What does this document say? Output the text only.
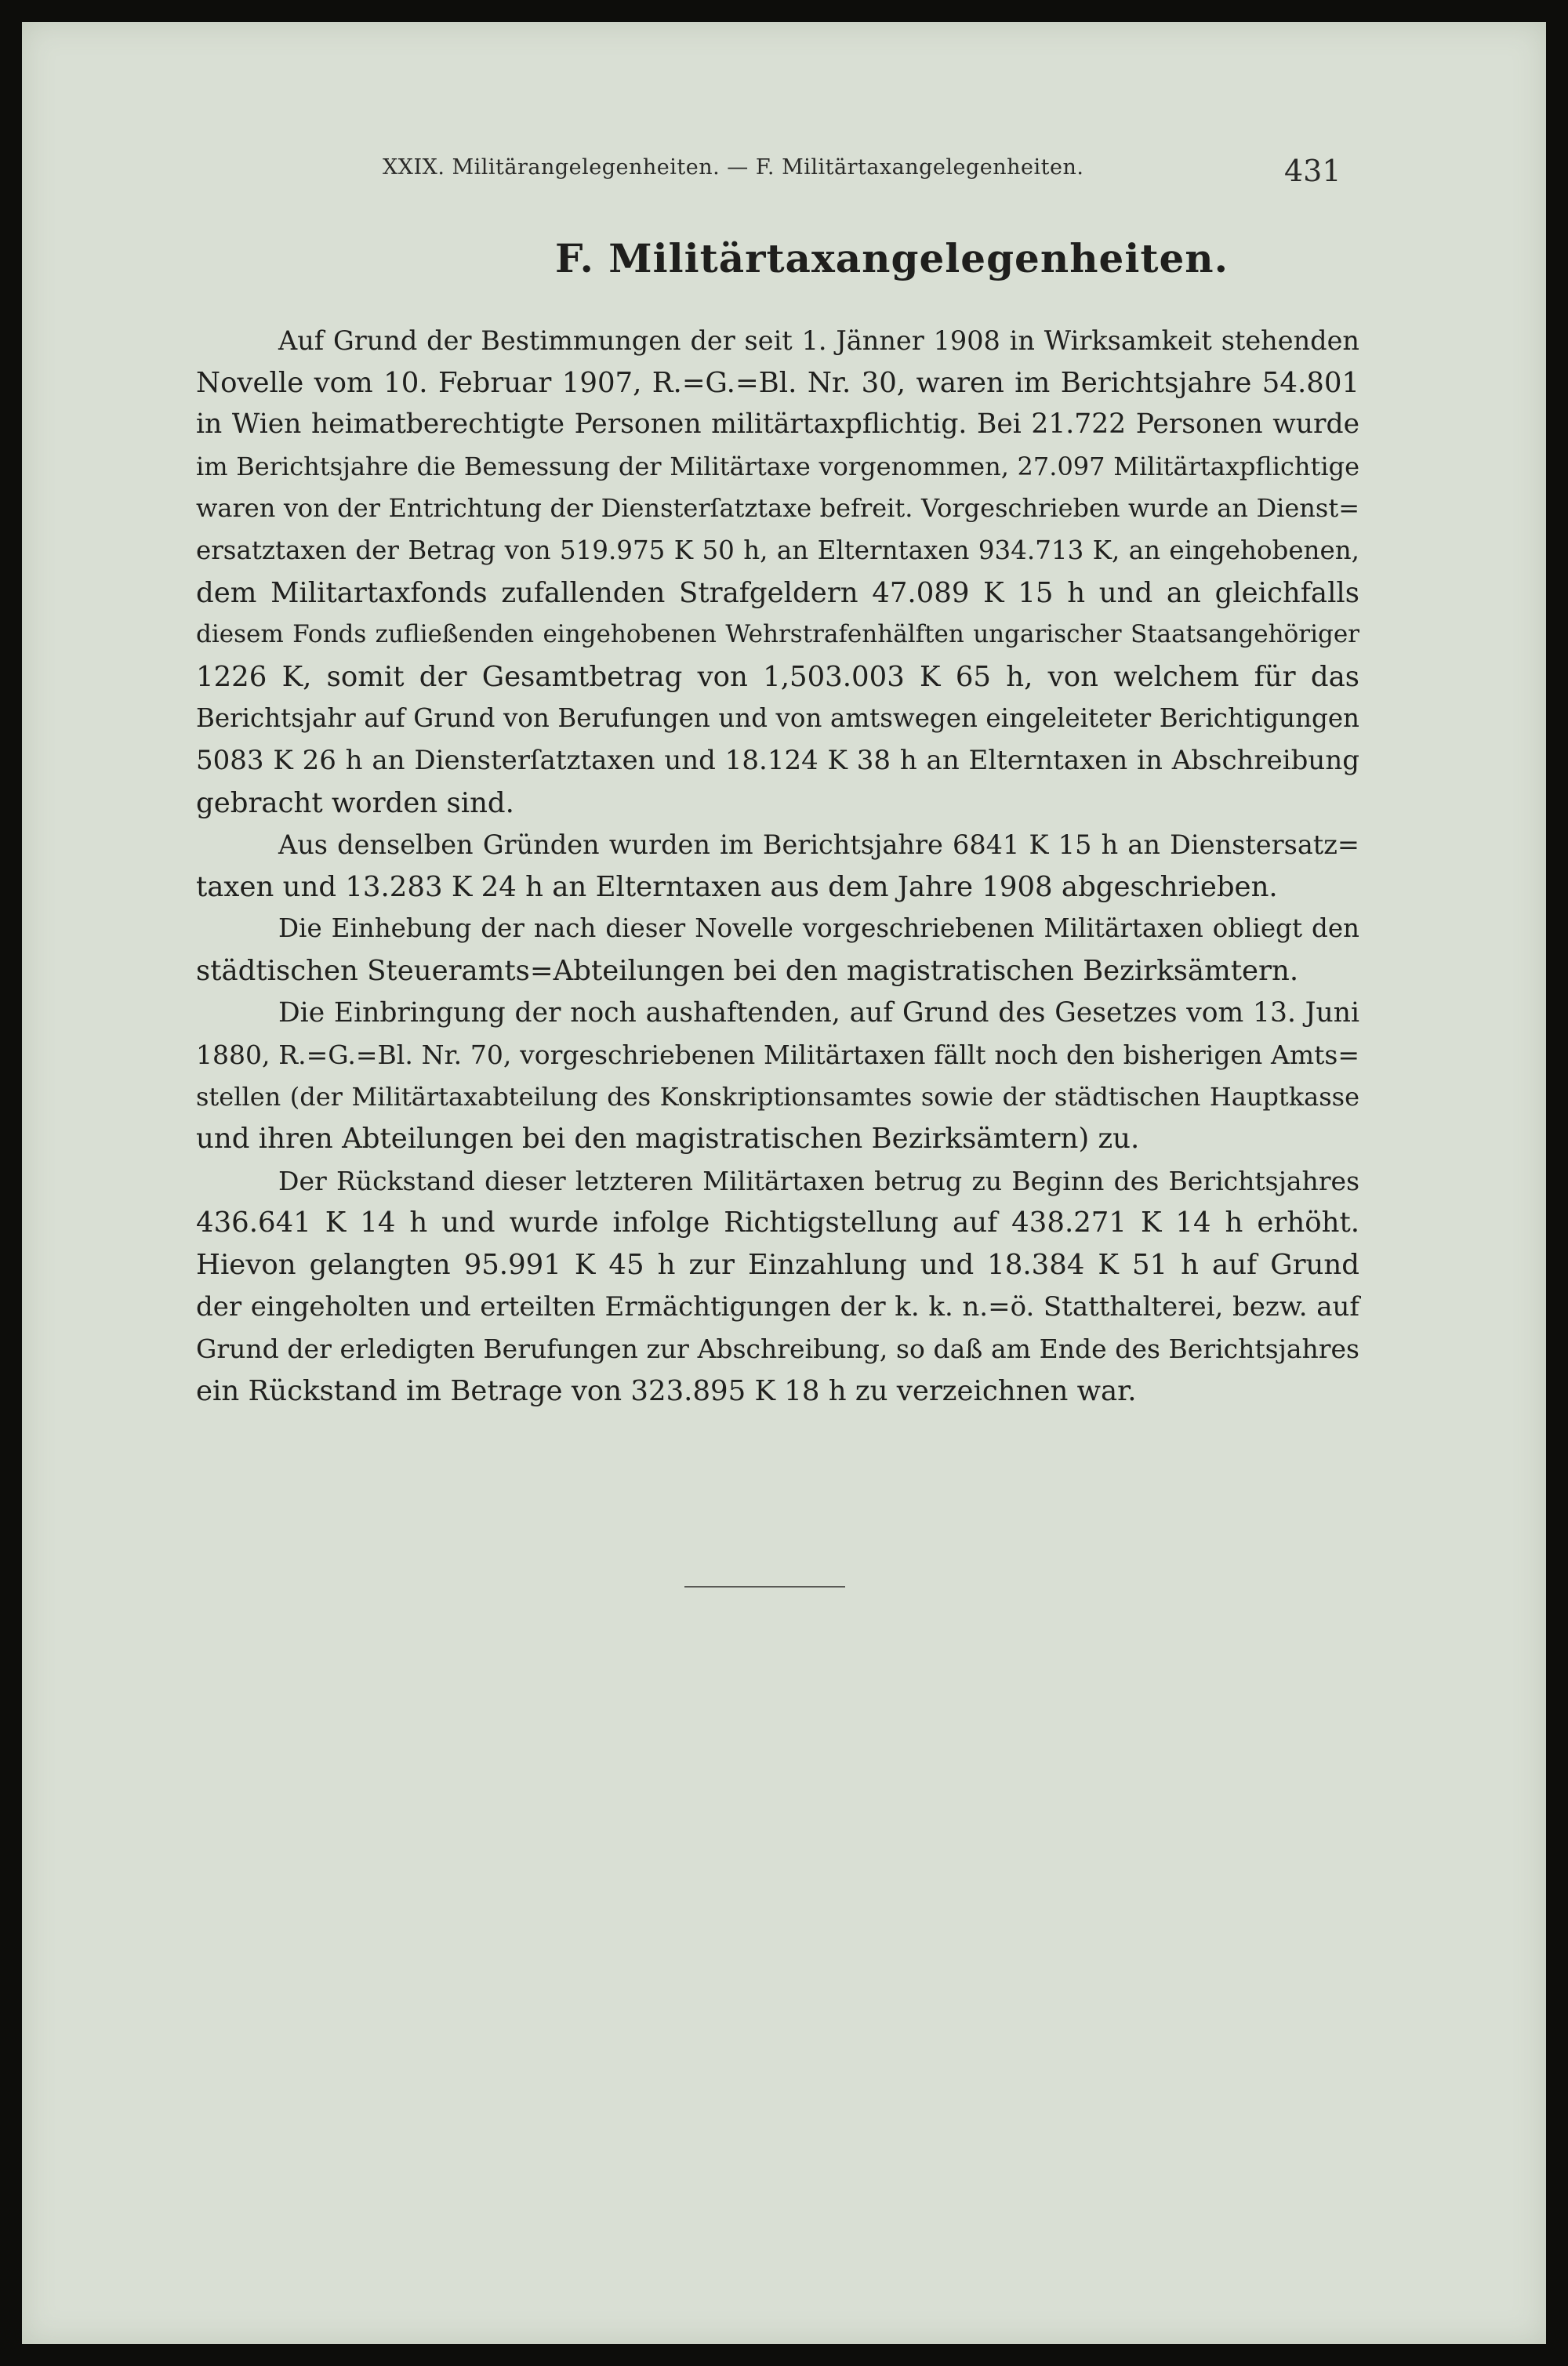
XXIX. Militärangelegenheiten. — F. Militärtaxangelegenheiten.	431
F. Militärtaxangelegenheiten.
Auf Grund der Bestimmungen der seit 1. Jänner 1908 in Wirksamkeit stehenden
Novelle vom 10. Februar 1907, R.=G.=Bl. Nr. 30, waren im Berichtsjahre 54.801
in Wien heimatberechtigte Personen militärtaxpflichtig. Bei 21.722 Personen wurde
im Berichtsjahre die Bemessung der Militärtaxe vorgenommen, 27.097 Militärtaxpflichtige
waren von der Entrichtung der Diensterſatztaxe befreit. Vorgeschrieben wurde an Dienst=
ersatztaxen der Betrag von 519.975 K 50 h, an Elterntaxen 934.713 K, an eingehobenen,
dem Militartaxfonds zufallenden Strafgeldern 47.089 K 15 h und an gleichfalls
diesem Fonds zufließenden eingehobenen Wehrstrafenhälften ungarischer Staatsangehöriger
1226 K, somit der Gesamtbetrag von 1,503.003 K 65 h, von welchem für das
Berichtsjahr auf Grund von Berufungen und von amtswegen eingeleiteter Berichtigungen
5083 K 26 h an Diensterſatztaxen und 18.124 K 38 h an Elterntaxen in Abschreibung
gebracht worden sind.
Aus denselben Gründen wurden im Berichtsjahre 6841 K 15 h an Dienstersatz=
taxen und 13.283 K 24 h an Elterntaxen aus dem Jahre 1908 abgeschrieben.
Die Einhebung der nach dieser Novelle vorgeschriebenen Militärtaxen obliegt den
städtischen Steueramts=Abteilungen bei den magistratischen Bezirksämtern.
Die Einbringung der noch aushaftenden, auf Grund des Gesetzes vom 13. Juni
1880, R.=G.=Bl. Nr. 70, vorgeschriebenen Militärtaxen fällt noch den bisherigen Amts=
stellen (der Militärtaxabteilung des Konskriptionsamtes sowie der städtischen Hauptkasse
und ihren Abteilungen bei den magistratischen Bezirksämtern) zu.
Der Rückstand dieser letzteren Militärtaxen betrug zu Beginn des Berichtsjahres
436.641 K 14 h und wurde infolge Richtigstellung auf 438.271 K 14 h erhöht.
Hievon gelangten 95.991 K 45 h zur Einzahlung und 18.384 K 51 h auf Grund
der eingeholten und erteilten Ermächtigungen der k. k. n.=ö. Statthalterei, bezw. auf
Grund der erledigten Berufungen zur Abschreibung, so daß am Ende des Berichtsjahres
ein Rückstand im Betrage von 323.895 K 18 h zu verzeichnen war.
